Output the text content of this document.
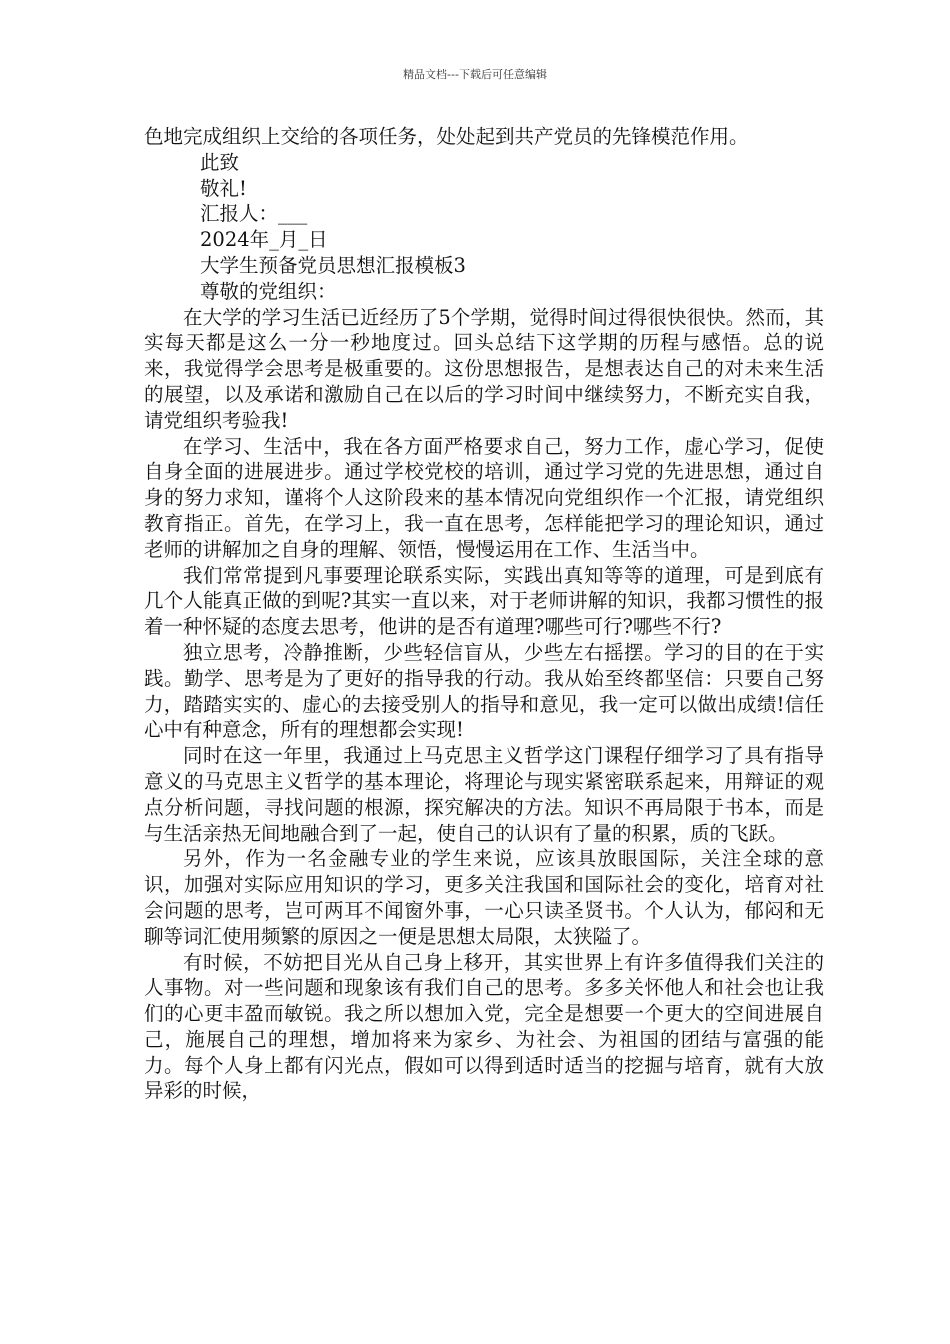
精品文档---下载后可任意编辑

色地完成组织上交给的各项任务，处处起到共产党员的先锋模范作用。

此致

敬礼!

汇报人：___

2024年_月_日

大学生预备党员思想汇报模板3

尊敬的党组织：

在大学的学习生活已近经历了5个学期，觉得时间过得很快很快。然而，其实每天都是这么一分一秒地度过。回头总结下这学期的历程与感悟。总的说来，我觉得学会思考是极重要的。这份思想报告，是想表达自己的对未来生活的展望，以及承诺和激励自己在以后的学习时间中继续努力，不断充实自我，请党组织考验我!

在学习、生活中，我在各方面严格要求自己，努力工作，虚心学习，促使自身全面的进展进步。通过学校党校的培训，通过学习党的先进思想，通过自身的努力求知，谨将个人这阶段来的基本情况向党组织作一个汇报，请党组织教育指正。首先，在学习上，我一直在思考，怎样能把学习的理论知识，通过老师的讲解加之自身的理解、领悟，慢慢运用在工作、生活当中。

我们常常提到凡事要理论联系实际，实践出真知等等的道理，可是到底有几个人能真正做的到呢?其实一直以来，对于老师讲解的知识，我都习惯性的报着一种怀疑的态度去思考，他讲的是否有道理?哪些可行?哪些不行?

独立思考，冷静推断，少些轻信盲从，少些左右摇摆。学习的目的在于实践。勤学、思考是为了更好的指导我的行动。我从始至终都坚信：只要自己努力，踏踏实实的、虚心的去接受别人的指导和意见，我一定可以做出成绩!信任心中有种意念，所有的理想都会实现!

同时在这一年里，我通过上马克思主义哲学这门课程仔细学习了具有指导意义的马克思主义哲学的基本理论，将理论与现实紧密联系起来，用辩证的观点分析问题，寻找问题的根源，探究解决的方法。知识不再局限于书本，而是与生活亲热无间地融合到了一起，使自己的认识有了量的积累，质的飞跃。

另外，作为一名金融专业的学生来说，应该具放眼国际，关注全球的意识，加强对实际应用知识的学习，更多关注我国和国际社会的变化，培育对社会问题的思考，岂可两耳不闻窗外事，一心只读圣贤书。个人认为，郁闷和无聊等词汇使用频繁的原因之一便是思想太局限，太狭隘了。

有时候，不妨把目光从自己身上移开，其实世界上有许多值得我们关注的人事物。对一些问题和现象该有我们自己的思考。多多关怀他人和社会也让我们的心更丰盈而敏锐。我之所以想加入党，完全是想要一个更大的空间进展自己，施展自己的理想，增加将来为家乡、为社会、为祖国的团结与富强的能力。每个人身上都有闪光点，假如可以得到适时适当的挖掘与培育，就有大放异彩的时候，
